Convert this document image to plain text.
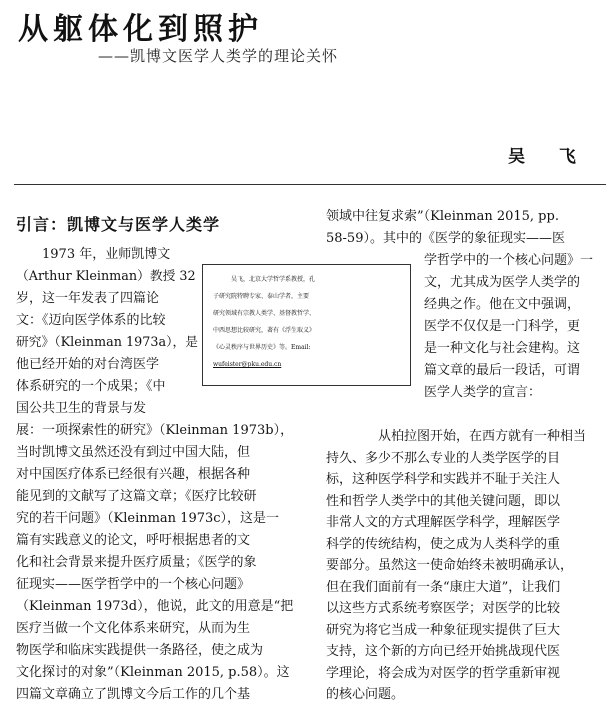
从躯体化到照护
——凯博文医学人类学的理论关怀
吴 飞
引言：凯博文与医学人类学
1973 年，业师凯博文
（Arthur Kleinman）教授 32
岁，这一年发表了四篇论
文：《迈向医学体系的比较
研究》（Kleinman 1973a），是
他已经开始的对台湾医学
体系研究的一个成果；《中
国公共卫生的背景与发
展：一项探索性的研究》（Kleinman 1973b），
当时凯博文虽然还没有到过中国大陆，但
对中国医疗体系已经很有兴趣，根据各种
能见到的文献写了这篇文章；《医疗比较研
究的若干问题》（Kleinman 1973c），这是一
篇有实践意义的论文，呼吁根据患者的文
化和社会背景来提升医疗质量；《医学的象
征现实——医学哲学中的一个核心问题》
（Kleinman 1973d），他说，此文的用意是“把
医疗当做一个文化体系来研究，从而为生
物医学和临床实践提供一条路径，使之成为
文化探讨的对象”（Kleinman 2015, p.58）。这
四篇文章确立了凯博文今后工作的几个基
领域中往复求索”（Kleinman 2015, pp.
58-59）。其中的《医学的象征现实——医
学哲学中的一个核心问题》一
文，尤其成为医学人类学的
经典之作。他在文中强调，
医学不仅仅是一门科学，更
是一种文化与社会建构。这
篇文章的最后一段话，可谓
医学人类学的宣言：
从柏拉图开始，在西方就有一种相当
持久、多少不那么专业的人类学医学的目
标，这种医学科学和实践并不耻于关注人
性和哲学人类学中的其他关键问题，即以
非常人文的方式理解医学科学，理解医学
科学的传统结构，使之成为人类科学的重
要部分。虽然这一使命始终未被明确承认，
但在我们面前有一条“康庄大道”，让我们
以这些方式系统考察医学；对医学的比较
研究为将它当成一种象征现实提供了巨大
支持，这个新的方向已经开始挑战现代医
学理论，将会成为对医学的哲学重新审视
的核心问题。

吴飞，北京大学哲学系教授，孔

子研究院特聘专家、泰山学者，主要

研究领域有宗教人类学、基督教哲学、

中西思想比较研究，著有《浮生取义》

《心灵秩序与世界历史》等。Email:

wufeister@pku.edu.cn
